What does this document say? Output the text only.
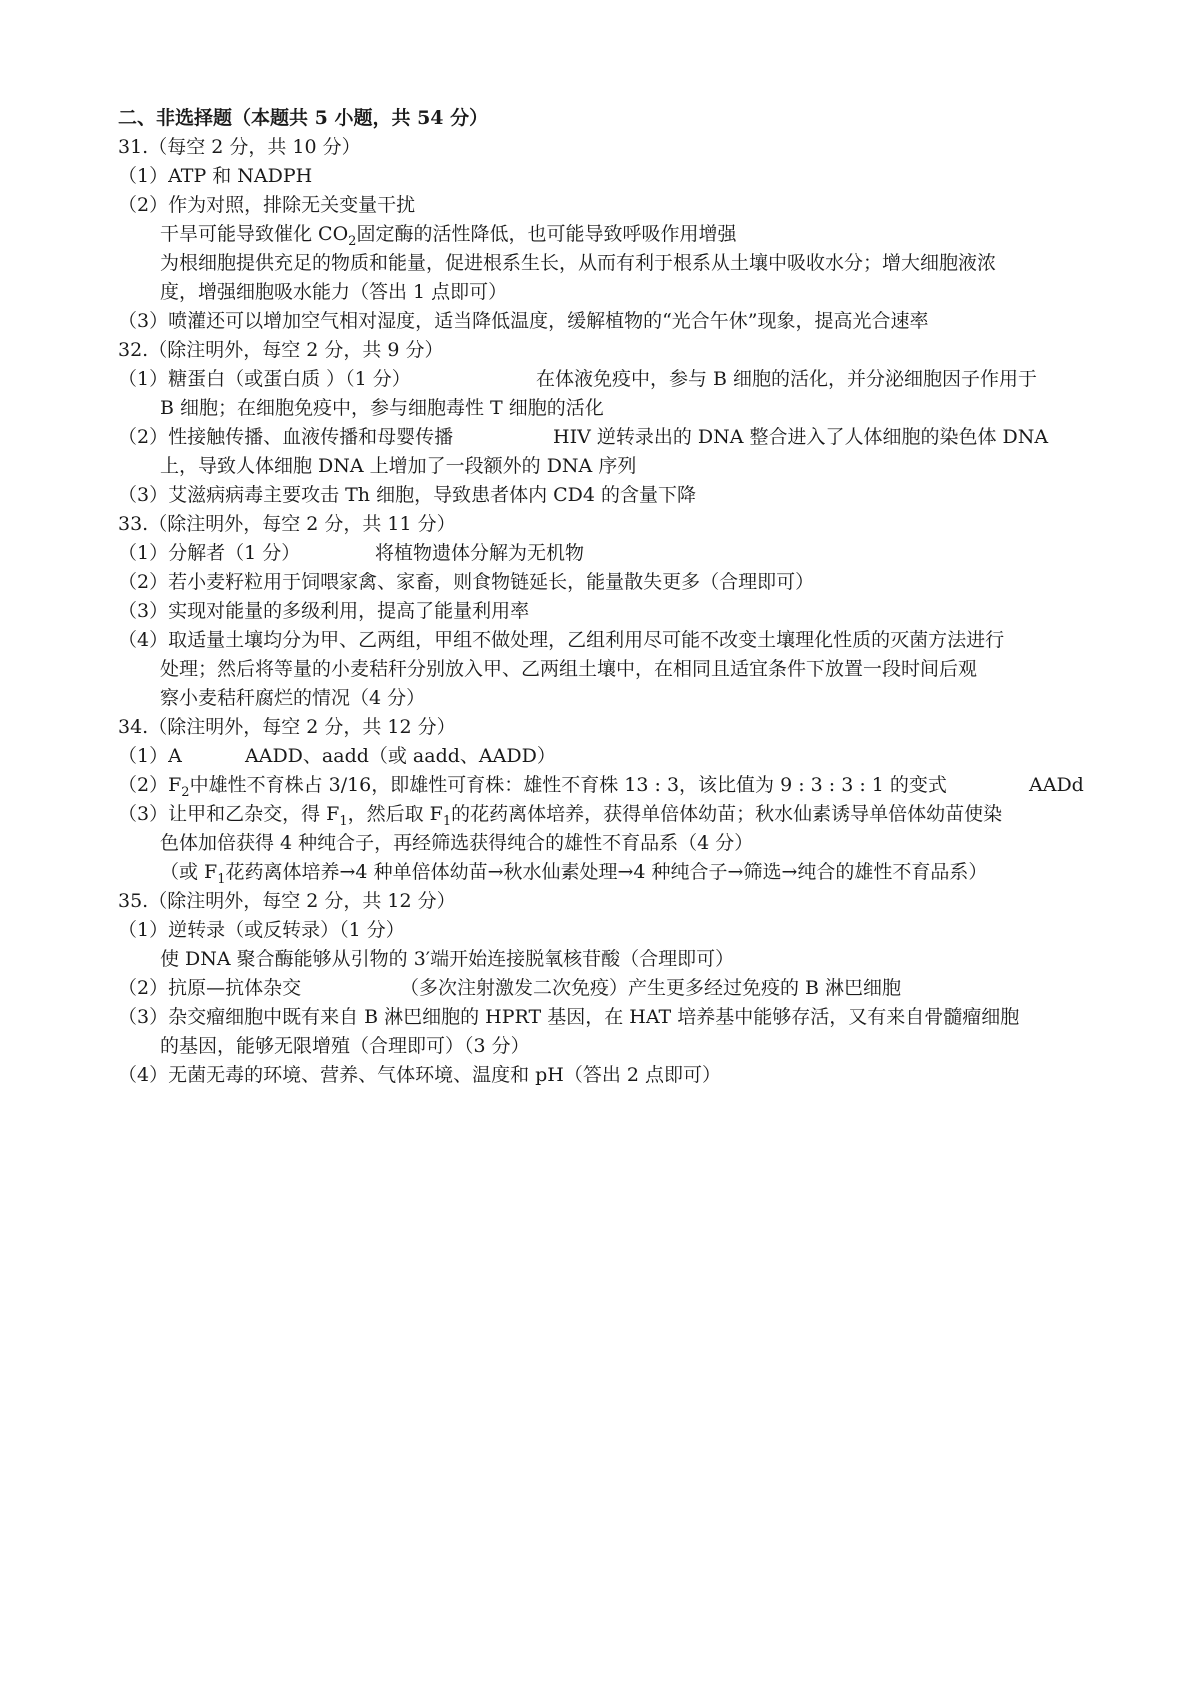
二、非选择题（本题共 5 小题，共 54 分）
31.（每空 2 分，共 10 分）
（1）ATP 和 NADPH
（2）作为对照，排除无关变量干扰
干旱可能导致催化 $CO_2$固定酶的活性降低，也可能导致呼吸作用增强
为根细胞提供充足的物质和能量，促进根系生长，从而有利于根系从土壤中吸收水分；增大细胞液浓
度，增强细胞吸水能力（答出 1 点即可）
（3）喷灌还可以增加空气相对湿度，适当降低温度，缓解植物的“光合午休”现象，提高光合速率
32.（除注明外，每空 2 分，共 9 分）
（1）糖蛋白（或蛋白质 ）（1 分）	在体液免疫中，参与 B 细胞的活化，并分泌细胞因子作用于
B 细胞；在细胞免疫中，参与细胞毒性 T 细胞的活化
（2）性接触传播、血液传播和母婴传播	HIV 逆转录出的 DNA 整合进入了人体细胞的染色体 DNA
上，导致人体细胞 DNA 上增加了一段额外的 DNA 序列
（3）艾滋病病毒主要攻击 Th 细胞，导致患者体内 CD4 的含量下降
33.（除注明外，每空 2 分，共 11 分）
（1）分解者（1 分）	将植物遗体分解为无机物
（2）若小麦籽粒用于饲喂家禽、家畜，则食物链延长，能量散失更多（合理即可）
（3）实现对能量的多级利用，提高了能量利用率
（4）取适量土壤均分为甲、乙两组，甲组不做处理，乙组利用尽可能不改变土壤理化性质的灭菌方法进行
处理；然后将等量的小麦秸秆分别放入甲、乙两组土壤中，在相同且适宜条件下放置一段时间后观
察小麦秸秆腐烂的情况（4 分）
34.（除注明外，每空 2 分，共 12 分）
（1）A	AADD、aadd（或 aadd、AADD）
$(2)F_2$中雄性不育株占 3/16，即雄性可育株：雄性不育株 13 : 3，该比值为 9 : 3 : 3 : 1 的变式	AADd
（3）让甲和乙杂交，得 $F_1$，然后取 $F_1$的花药离体培养，获得单倍体幼苗；秋水仙素诱导单倍体幼苗使染
色体加倍获得 4 种纯合子，再经筛选获得纯合的雄性不育品系（4 分）
（或 $F_1$花药离体培养→4 种单倍体幼苗→秋水仙素处理→4 种纯合子→筛选→纯合的雄性不育品系）
35.（除注明外，每空 2 分，共 12 分）
（1）逆转录（或反转录）（1 分）
使 DNA 聚合酶能够从引物的 3′端开始连接脱氧核苷酸（合理即可）
（2）抗原—抗体杂交	（多次注射激发二次免疫）产生更多经过免疫的 B 淋巴细胞
（3）杂交瘤细胞中既有来自 B 淋巴细胞的 HPRT 基因，在 HAT 培养基中能够存活，又有来自骨髓瘤细胞
的基因，能够无限增殖（合理即可）（3 分）
（4）无菌无毒的环境、营养、气体环境、温度和 pH（答出 2 点即可）
